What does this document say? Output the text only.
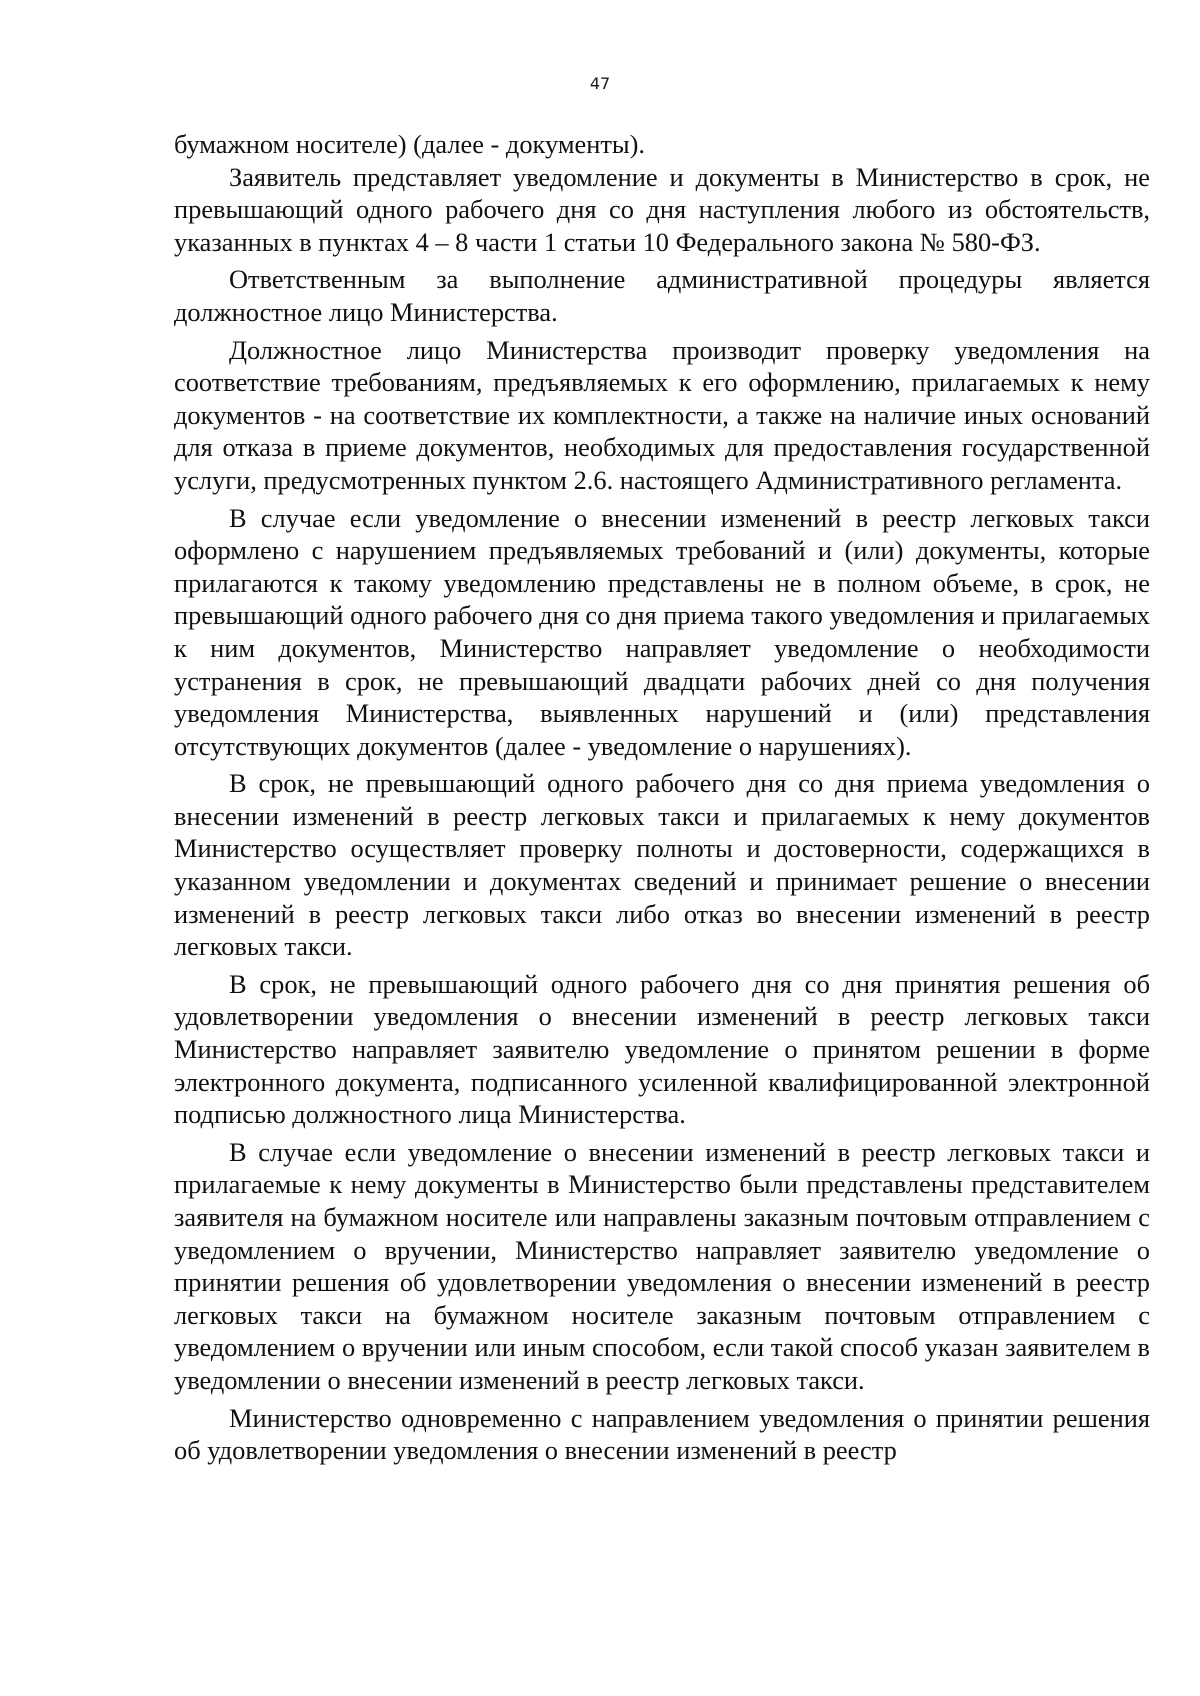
47

бумажном носителе) (далее - документы).

Заявитель представляет уведомление и документы в Министерство в срок, не превышающий одного рабочего дня со дня наступления любого из обстоятельств, указанных в пунктах 4 – 8 части 1 статьи 10 Федерального закона № 580-ФЗ.

Ответственным за выполнение административной процедуры является должностное лицо Министерства.

Должностное лицо Министерства производит проверку уведомления на соответствие требованиям, предъявляемых к его оформлению, прилагаемых к нему документов - на соответствие их комплектности, а также на наличие иных оснований для отказа в приеме документов, необходимых для предоставления государственной услуги, предусмотренных пунктом 2.6. настоящего Административного регламента.

В случае если уведомление о внесении изменений в реестр легковых такси оформлено с нарушением предъявляемых требований и (или) документы, которые прилагаются к такому уведомлению представлены не в полном объеме, в срок, не превышающий одного рабочего дня со дня приема такого уведомления и прилагаемых к ним документов, Министерство направляет уведомление о необходимости устранения в срок, не превышающий двадцати рабочих дней со дня получения уведомления Министерства, выявленных нарушений и (или) представления отсутствующих документов (далее - уведомление о нарушениях).

В срок, не превышающий одного рабочего дня со дня приема уведомления о внесении изменений в реестр легковых такси и прилагаемых к нему документов Министерство осуществляет проверку полноты и достоверности, содержащихся в указанном уведомлении и документах сведений и принимает решение о внесении изменений в реестр легковых такси либо отказ во внесении изменений в реестр легковых такси.

В срок, не превышающий одного рабочего дня со дня принятия решения об удовлетворении уведомления о внесении изменений в реестр легковых такси Министерство направляет заявителю уведомление о принятом решении в форме электронного документа, подписанного усиленной квалифицированной электронной подписью должностного лица Министерства.

В случае если уведомление о внесении изменений в реестр легковых такси и прилагаемые к нему документы в Министерство были представлены представителем заявителя на бумажном носителе или направлены заказным почтовым отправлением с уведомлением о вручении, Министерство направляет заявителю уведомление о принятии решения об удовлетворении уведомления о внесении изменений в реестр легковых такси на бумажном носителе заказным почтовым отправлением с уведомлением о вручении или иным способом, если такой способ указан заявителем в уведомлении о внесении изменений в реестр легковых такси.

Министерство одновременно с направлением уведомления о принятии решения об удовлетворении уведомления о внесении изменений в реестр
